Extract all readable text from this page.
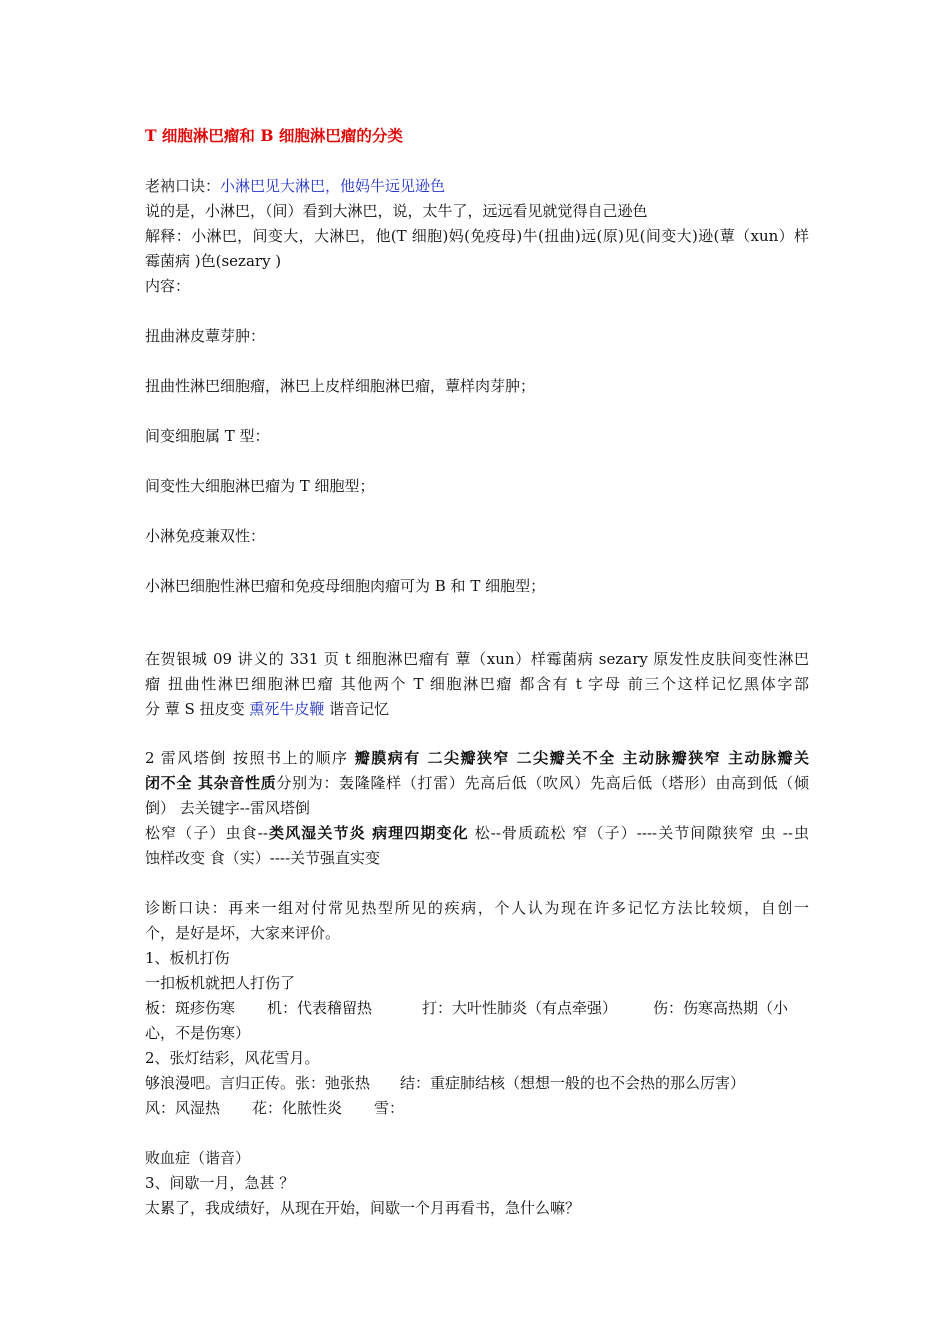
T 细胞淋巴瘤和 B 细胞淋巴瘤的分类
老衲口诀：小淋巴见大淋巴，他妈牛远见逊色
说的是，小淋巴，（间）看到大淋巴，说，太牛了，远远看见就觉得自己逊色
解释：小淋巴，间变大，大淋巴，他(T 细胞)妈(免疫母)牛(扭曲)远(原)见(间变大)逊(蕈（xun）样
霉菌病 )色(sezary )
内容：
扭曲淋皮蕈芽肿：
扭曲性淋巴细胞瘤，淋巴上皮样细胞淋巴瘤，蕈样肉芽肿；
间变细胞属 T 型：
间变性大细胞淋巴瘤为 T 细胞型；
小淋免疫兼双性：
小淋巴细胞性淋巴瘤和免疫母细胞肉瘤可为 B 和 T 细胞型；
在贺银城 09 讲义的 331 页 t 细胞淋巴瘤有 蕈（xun）样霉菌病 sezary 原发性皮肤间变性淋巴
瘤 扭曲性淋巴细胞淋巴瘤 其他两个 T 细胞淋巴瘤 都含有 t 字母 前三个这样记忆黑体字部
分 蕈 S 扭皮变 熏死牛皮鞭 谐音记忆
2 雷风塔倒 按照书上的顺序 瓣膜病有 二尖瓣狭窄 二尖瓣关不全 主动脉瓣狭窄 主动脉瓣关
闭不全 其杂音性质分别为：轰隆隆样（打雷）先高后低（吹风）先高后低（塔形）由高到低（倾
倒） 去关键字--雷风塔倒
松窄（子）虫食--类风湿关节炎 病理四期变化 松--骨质疏松 窄（子）----关节间隙狭窄 虫 --虫
蚀样改变 食（实）----关节强直实变
诊断口诀：再来一组对付常见热型所见的疾病，个人认为现在许多记忆方法比较烦，自创一
个，是好是坏，大家来评价。
1、板机打伤
一扣板机就把人打伤了
板：斑疹伤寒 机：代表稽留热	打：大叶性肺炎（有点牵强） 伤：伤寒高热期（小
心，不是伤寒）
2、张灯结彩，风花雪月。
够浪漫吧。言归正传。张：弛张热 结：重症肺结核（想想一般的也不会热的那么厉害）
风：风湿热 花：化脓性炎 雪：
败血症（谐音）
3、间歇一月，急甚 ？
太累了，我成绩好，从现在开始，间歇一个月再看书，急什么嘛？
